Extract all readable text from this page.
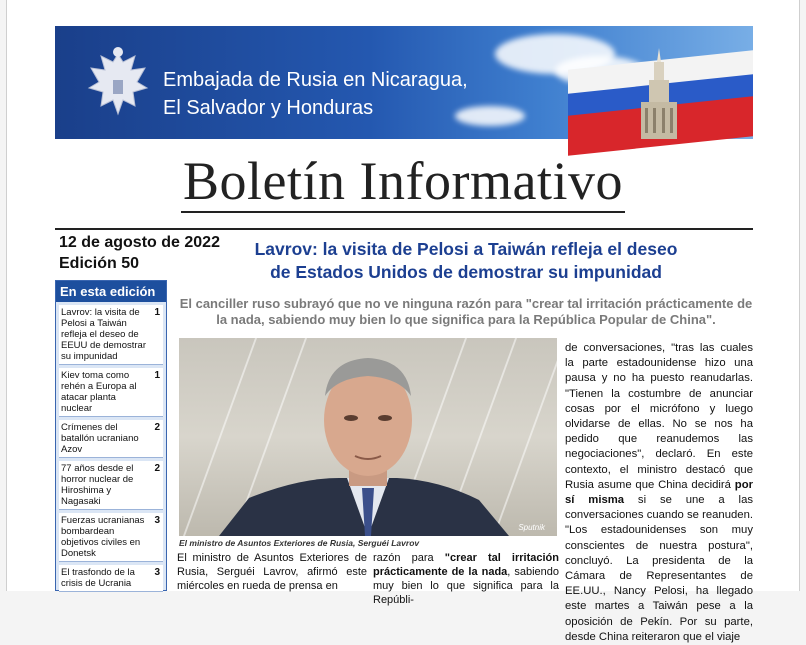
Embajada de Rusia en Nicaragua,
El Salvador y Honduras
Boletín Informativo
12 de agosto de 2022
Edición 50
En esta edición
Lavrov: la visita de Pelosi a Taiwán refleja el deseo de EEUU de demostrar su impunidad
1
Kiev toma como rehén a Europa al atacar planta nuclear
1
Crímenes del batallón ucraniano Azov
2
77 años desde el horror nuclear de Hiroshima y Nagasaki
2
Fuerzas ucranianas bombardean objetivos civiles en Donetsk
3
El trasfondo de la crisis de Ucrania
3
Lavrov: la visita de Pelosi a Taiwán refleja el deseo
de Estados Unidos de demostrar su impunidad
El canciller ruso subrayó que no ve ninguna razón para "crear tal irritación prácticamente de la nada, sabiendo muy bien lo que significa para la República Popular de China".
Sputnik
El ministro de Asuntos Exteriores de Rusia, Serguéi Lavrov
El ministro de Asuntos Exteriores de Rusia, Serguéi Lavrov, afirmó este miércoles en rueda de prensa en
razón para "crear tal irritación prácticamente de la nada, sabiendo muy bien lo que significa para la Repúbli-
de conversaciones, "tras las cuales la parte estadounidense hizo una pausa y no ha puesto reanudarlas. "Tienen la costumbre de anunciar cosas por el micrófono y luego olvidarse de ellas. No se nos ha pedido que reanudemos las negociaciones", declaró. En este contexto, el ministro destacó que Rusia asume que China decidirá por sí misma si se une a las conversaciones cuando se reanuden. "Los estadounidenses son muy conscientes de nuestra postura", concluyó. La presidenta de la Cámara de Representantes de EE.UU., Nancy Pelosi, ha llegado este martes a Taiwán pese a la oposición de Pekín. Por su parte, desde China reiteraron que el viaje
